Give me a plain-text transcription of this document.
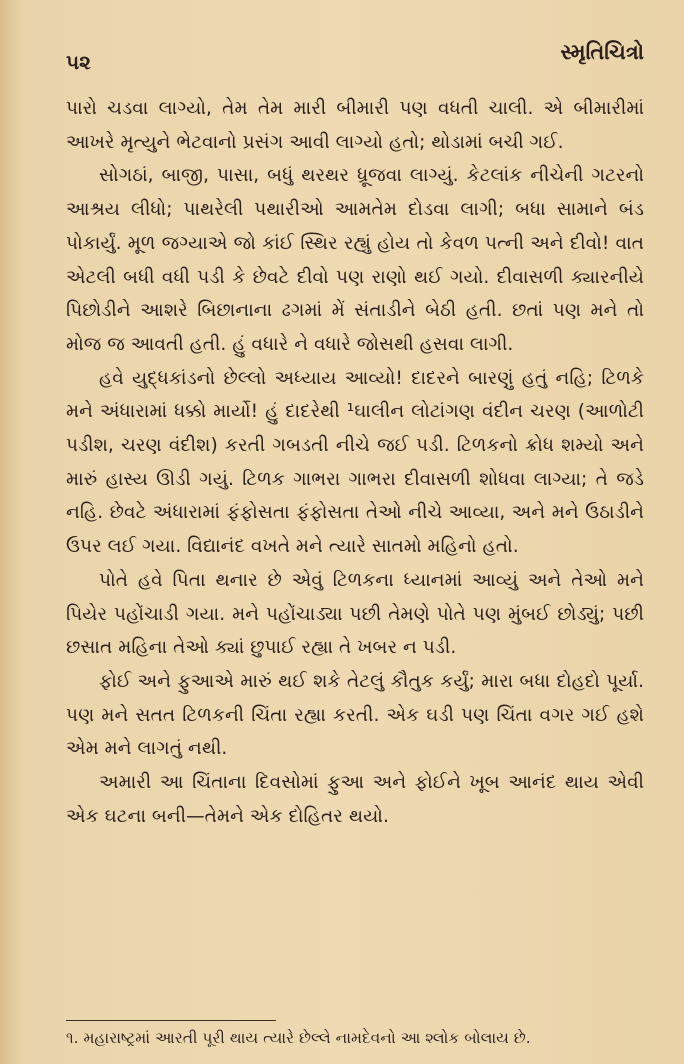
૫૨	સ્મૃતિચિત્રો

પારો ચડવા લાગ્યો, તેમ તેમ મારી બીમારી પણ વધતી ચાલી. એ બીમારીમાં આખરે મૃત્યુને ભેટવાનો પ્રસંગ આવી લાગ્યો હતો; થોડામાં બચી ગઈ.

સોગઠાં, બાજી, પાસા, બધું થરથર ધ્રૂજવા લાગ્યું. કેટલાંક નીચેની ગટરનો આશ્રય લીધો; પાથરેલી પથારીઓ આમતેમ દોડવા લાગી; બધા સામાને બંડ પોકાર્યું. મૂળ જગ્યાએ જો કાંઈ સ્થિર રહ્યું હોય તો કેવળ પત્ની અને દીવો! વાત એટલી બધી વધી પડી કે છેવટે દીવો પણ રાણો થઈ ગયો. દીવાસળી ક્યારનીયે પિછોડીને આશરે બિછાનાના ઢગમાં મેં સંતાડીને બેઠી હતી. છતાં પણ મને તો મોજ જ આવતી હતી. હું વધારે ને વધારે જોસથી હસવા લાગી.

હવે યુદ્ધકાંડનો છેલ્લો અધ્યાય આવ્યો! દાદરને બારણું હતું નહિ; ટિળકે મને અંધારામાં ધક્કો માર્યો! હું દાદરેથી ¹ઘાલીન લોટાંગણ વંદીન ચરણ (આળોટી પડીશ, ચરણ વંદીશ) કરતી ગબડતી નીચે જઈ પડી. ટિળકનો ક્રોધ શમ્યો અને મારું હાસ્ય ઊડી ગયું. ટિળક ગાભરા ગાભરા દીવાસળી શોધવા લાગ્યા; તે જડે નહિ. છેવટે અંધારામાં ફંફોસતા ફંફોસતા તેઓ નીચે આવ્યા, અને મને ઉઠાડીને ઉપર લઈ ગયા. વિદ્યાનંદ વખતે મને ત્યારે સાતમો મહિનો હતો.

પોતે હવે પિતા થનાર છે એવું ટિળકના ધ્યાનમાં આવ્યું અને તેઓ મને પિયેર પહોંચાડી ગયા. મને પહોંચાડ્યા પછી તેમણે પોતે પણ મુંબઈ છોડ્યું; પછી છસાત મહિના તેઓ ક્યાં છુપાઈ રહ્યા તે ખબર ન પડી.

ફોઈ અને ફુઆએ મારું થઈ શકે તેટલું કૌતુક કર્યું; મારા બધા દોહદો પૂર્યા. પણ મને સતત ટિળકની ચિંતા રહ્યા કરતી. એક ઘડી પણ ચિંતા વગર ગઈ હશે એમ મને લાગતું નથી.

અમારી આ ચિંતાના દિવસોમાં ફુઆ અને ફોઈને ખૂબ આનંદ થાય એવી એક ઘટના બની—તેમને એક દોહિતર થયો.

૧. મહારાષ્ટ્રમાં આરતી પૂરી થાય ત્યારે છેલ્લે નામદેવનો આ શ્લોક બોલાય છે.
